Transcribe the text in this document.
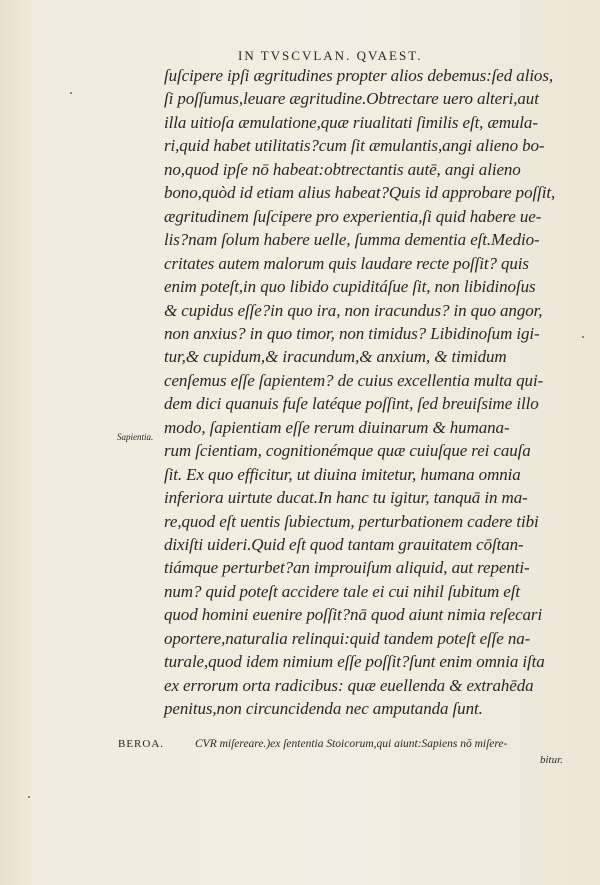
IN TVSCVLAN. QVAEST.
ſuſcipere ipſi ægritudines propter alios debemus:ſed alios,
ſi poſſumus,leuare ægritudine.Obtrectare uero alteri,aut
illa uitioſa æmulatione,quæ riualitati ſimilis eſt, æmula-
ri,quid habet utilitatis?cum ſit æmulantis,angi alieno bo-
no,quod ipſe nō habeat:obtrectantis autē, angi alieno
bono,quòd id etiam alius habeat?Quis id approbare poſſit,
ægritudinem ſuſcipere pro experientia,ſi quid habere ue-
lis?nam ſolum habere uelle, ſumma dementia eſt.Medio-
critates autem malorum quis laudare recte poſſit? quis
enim poteſt,in quo libido cupiditáſue ſit, non libidinoſus
& cupidus eſſe?in quo ira, non iracundus? in quo angor,
non anxius? in quo timor, non timidus? Libidinoſum igi-
tur,& cupidum,& iracundum,& anxium, & timidum
cenſemus eſſe ſapientem? de cuius excellentia multa qui-
dem dici quanuis fuſe latéque poſſint, ſed breuiſsime illo
modo, ſapientiam eſſe rerum diuinarum & humana-
rum ſcientiam, cognitionémque quæ cuiuſque rei cauſa
ſit. Ex quo efficitur, ut diuina imitetur, humana omnia
inferiora uirtute ducat.In hanc tu igitur, tanquā in ma-
re,quod eſt uentis ſubiectum, perturbationem cadere tibi
dixiſti uideri.Quid eſt quod tantam grauitatem cōſtan-
tiámque perturbet?an improuiſum aliquid, aut repenti-
num? quid poteſt accidere tale ei cui nihil ſubitum eſt
quod homini euenire poſſit?nā quod aiunt nimia reſecari
oportere,naturalia relinqui:quid tandem poteſt eſſe na-
turale,quod idem nimium eſſe poſſit?ſunt enim omnia iſta
ex errorum orta radicibus: quæ euellenda & extrahēda
penitus,non circuncidenda nec amputanda ſunt.
Sapientia.
BEROA.	CVR miſereare.)ex ſententia Stoicorum,qui aiunt:Sapiens nō miſere-
bitur.
